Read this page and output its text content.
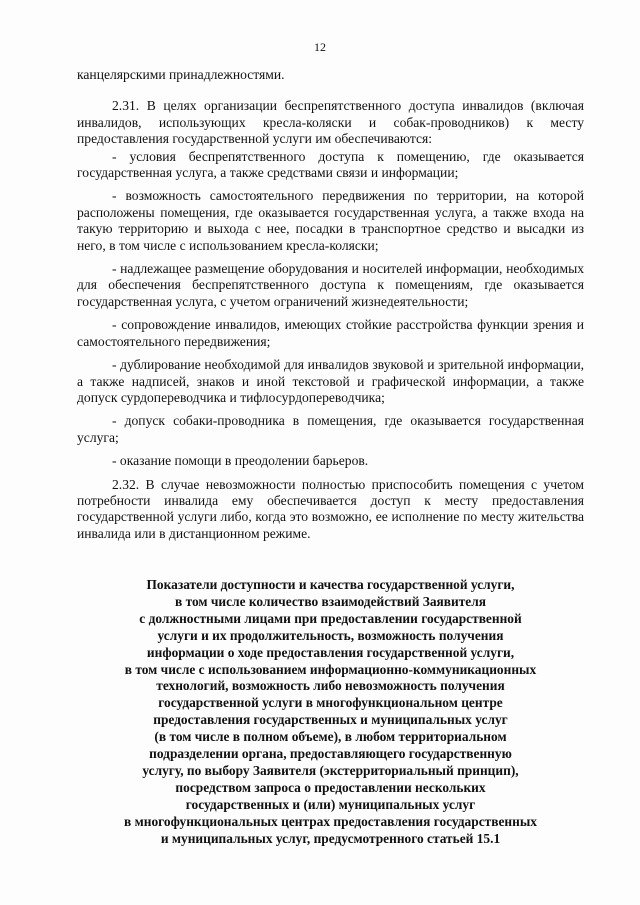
12

канцелярскими принадлежностями.

2.31. В целях организации беспрепятственного доступа инвалидов (включая инвалидов, использующих кресла-коляски и собак-проводников) к месту предоставления государственной услуги им обеспечиваются:

- условия беспрепятственного доступа к помещению, где оказывается государственная услуга, а также средствами связи и информации;

- возможность самостоятельного передвижения по территории, на которой расположены помещения, где оказывается государственная услуга, а также входа на такую территорию и выхода с нее, посадки в транспортное средство и высадки из него, в том числе с использованием кресла-коляски;

- надлежащее размещение оборудования и носителей информации, необходимых для обеспечения беспрепятственного доступа к помещениям, где оказывается государственная услуга, с учетом ограничений жизнедеятельности;

- сопровождение инвалидов, имеющих стойкие расстройства функции зрения и самостоятельного передвижения;

- дублирование необходимой для инвалидов звуковой и зрительной информации, а также надписей, знаков и иной текстовой и графической информации, а также допуск сурдопереводчика и тифлосурдопереводчика;

- допуск собаки-проводника в помещения, где оказывается государственная услуга;

- оказание помощи в преодолении барьеров.

2.32. В случае невозможности полностью приспособить помещения с учетом потребности инвалида ему обеспечивается доступ к месту предоставления государственной услуги либо, когда это возможно, ее исполнение по месту жительства инвалида или в дистанционном режиме.

Показатели доступности и качества государственной услуги,
в том числе количество взаимодействий Заявителя
с должностными лицами при предоставлении государственной
услуги и их продолжительность, возможность получения
информации о ходе предоставления государственной услуги,
в том числе с использованием информационно-коммуникационных
технологий, возможность либо невозможность получения
государственной услуги в многофункциональном центре
предоставления государственных и муниципальных услуг
(в том числе в полном объеме), в любом территориальном
подразделении органа, предоставляющего государственную
услугу, по выбору Заявителя (экстерриториальный принцип),
посредством запроса о предоставлении нескольких
государственных и (или) муниципальных услуг
в многофункциональных центрах предоставления государственных
и муниципальных услуг, предусмотренного статьей 15.1
